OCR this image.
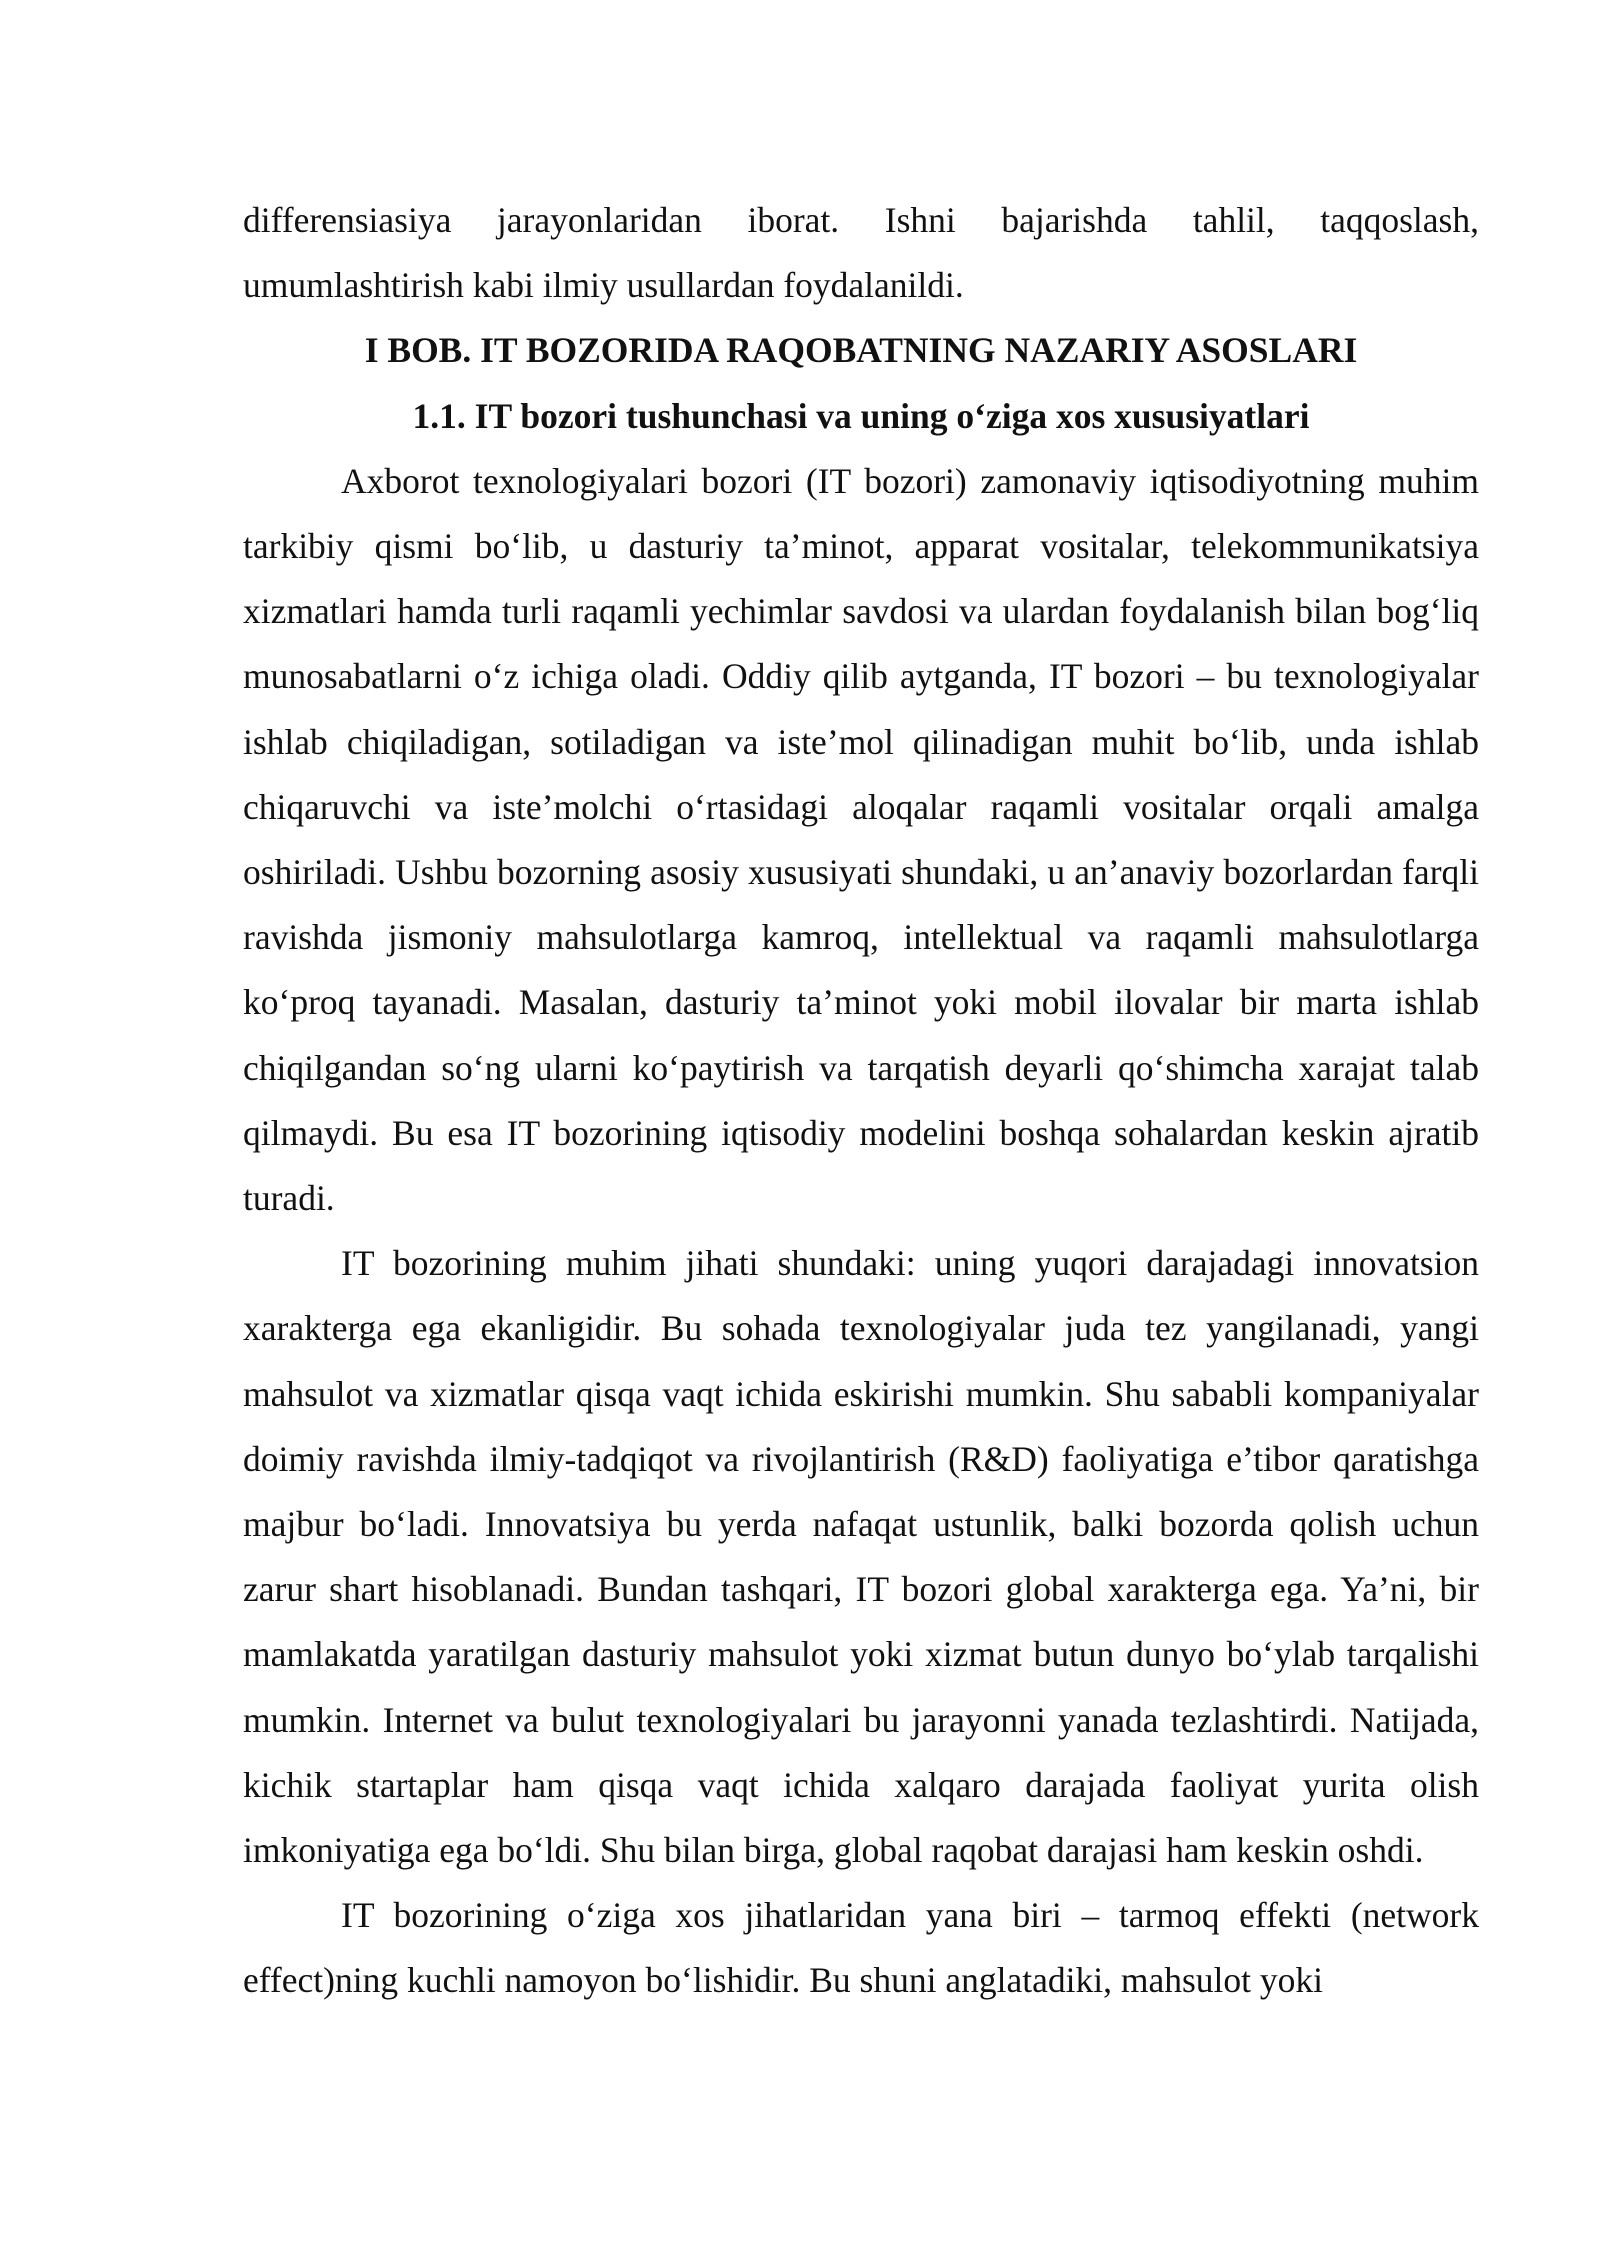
differensiasiya jarayonlaridan iborat. Ishni bajarishda tahlil, taqqoslash, umumlashtirish kabi ilmiy usullardan foydalanildi.

I BOB. IT BOZORIDA RAQOBATNING NAZARIY ASOSLARI
1.1. IT bozori tushunchasi va uning o‘ziga xos xususiyatlari

Axborot texnologiyalari bozori (IT bozori) zamonaviy iqtisodiyotning muhim tarkibiy qismi bo‘lib, u dasturiy ta’minot, apparat vositalar, telekommunikatsiya xizmatlari hamda turli raqamli yechimlar savdosi va ulardan foydalanish bilan bog‘liq munosabatlarni o‘z ichiga oladi. Oddiy qilib aytganda, IT bozori – bu texnologiyalar ishlab chiqiladigan, sotiladigan va iste’mol qilinadigan muhit bo‘lib, unda ishlab chiqaruvchi va iste’molchi o‘rtasidagi aloqalar raqamli vositalar orqali amalga oshiriladi. Ushbu bozorning asosiy xususiyati shundaki, u an’anaviy bozorlardan farqli ravishda jismoniy mahsulotlarga kamroq, intellektual va raqamli mahsulotlarga ko‘proq tayanadi. Masalan, dasturiy ta’minot yoki mobil ilovalar bir marta ishlab chiqilgandan so‘ng ularni ko‘paytirish va tarqatish deyarli qo‘shimcha xarajat talab qilmaydi. Bu esa IT bozorining iqtisodiy modelini boshqa sohalardan keskin ajratib turadi.

IT bozorining muhim jihati shundaki: uning yuqori darajadagi innovatsion xarakterga ega ekanligidir. Bu sohada texnologiyalar juda tez yangilanadi, yangi mahsulot va xizmatlar qisqa vaqt ichida eskirishi mumkin. Shu sababli kompaniyalar doimiy ravishda ilmiy-tadqiqot va rivojlantirish (R&D) faoliyatiga e’tibor qaratishga majbur bo‘ladi. Innovatsiya bu yerda nafaqat ustunlik, balki bozorda qolish uchun zarur shart hisoblanadi. Bundan tashqari, IT bozori global xarakterga ega. Ya’ni, bir mamlakatda yaratilgan dasturiy mahsulot yoki xizmat butun dunyo bo‘ylab tarqalishi mumkin. Internet va bulut texnologiyalari bu jarayonni yanada tezlashtirdi. Natijada, kichik startaplar ham qisqa vaqt ichida xalqaro darajada faoliyat yurita olish imkoniyatiga ega bo‘ldi. Shu bilan birga, global raqobat darajasi ham keskin oshdi.

IT bozorining o‘ziga xos jihatlaridan yana biri – tarmoq effekti (network effect)ning kuchli namoyon bo‘lishidir. Bu shuni anglatadiki, mahsulot yoki
